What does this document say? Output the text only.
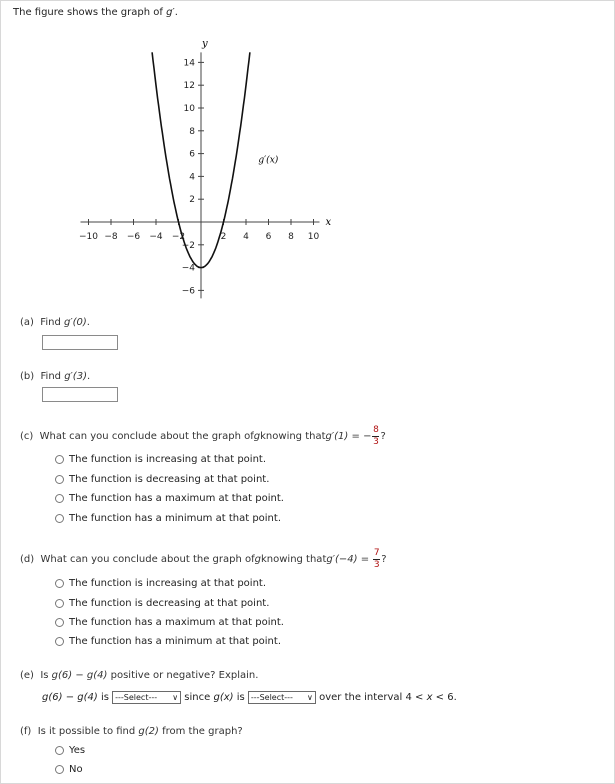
The figure shows the graph of g′.
−10 −8 −6 −4 −2	2 4 6 8 10
14
12
10
8
6
4
2
−2
−4
−6
x
y
g′(x)
(a) Find g′(0).
(b) Find g′(3).
(c)
What can you conclude about the graph of g knowing that g′(1) = − $\frac{8}{3}$ ?
The function is increasing at that point.
The function is decreasing at that point.
The function has a maximum at that point.
The function has a minimum at that point.
(d)
What can you conclude about the graph of g knowing that $g'(-4) = \frac{7}{3}$ ?
The function is increasing at that point.
The function is decreasing at that point.
The function has a maximum at that point.
The function has a minimum at that point.
(e) Is g(6) − g(4) positive or negative? Explain.
g(6) − g(4) is ---Select--- ∨ since g(x) is ---Select--- ∨ over the interval 4 < x < 6.
(f) Is it possible to find g(2) from the graph?
Yes
No
